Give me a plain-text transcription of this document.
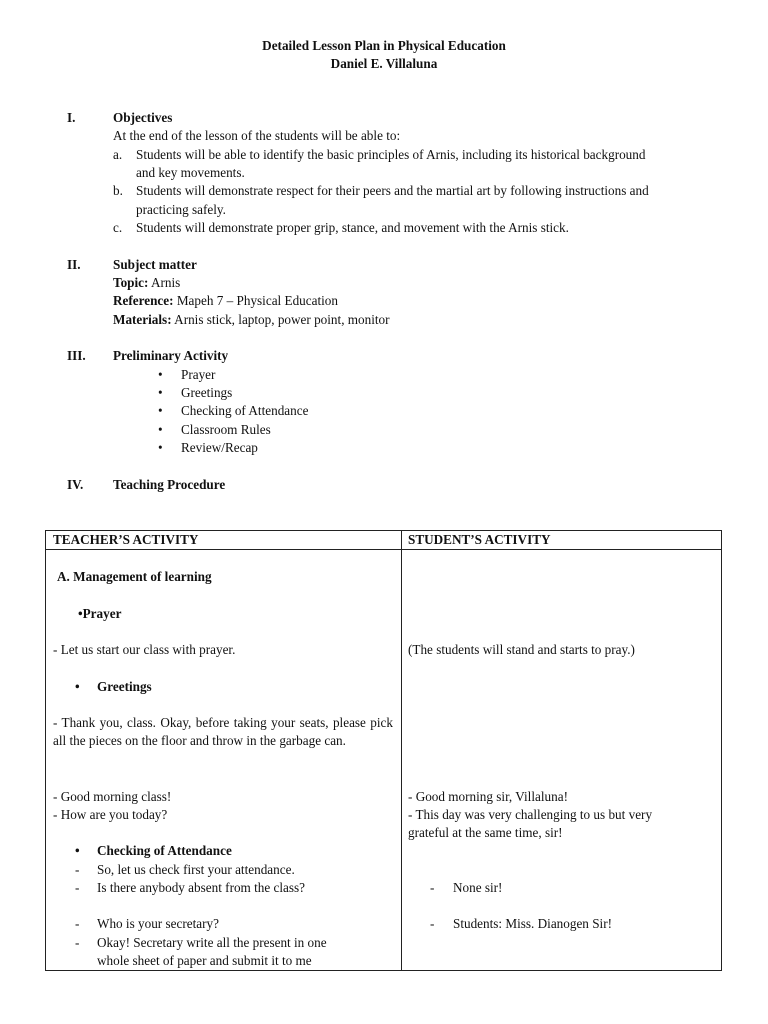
Detailed Lesson Plan in Physical Education
Daniel E. Villaluna
I.	Objectives
At the end of the lesson of the students will be able to:
a. Students will be able to identify the basic principles of Arnis, including its historical background
and key movements.
b. Students will demonstrate respect for their peers and the martial art by following instructions and
practicing safely.
c. Students will demonstrate proper grip, stance, and movement with the Arnis stick.
II. Subject matter
Topic: Arnis
Reference: Mapeh 7 – Physical Education
Materials: Arnis stick, laptop, power point, monitor
III. Preliminary Activity
• Prayer
• Greetings
• Checking of Attendance
• Classroom Rules
• Review/Recap
IV. Teaching Procedure
TEACHER’S ACTIVITY	STUDENT’S ACTIVITY
A. Management of learning
•Prayer
- Let us start our class with prayer.
• Greetings
- Thank you, class. Okay, before taking your seats, please pick all the pieces on the floor and throw in the garbage can.
- Good morning class!
- How are you today?
• Checking of Attendance
- So, let us check first your attendance.
- Is there anybody absent from the class?
- Who is your secretary?
- Okay! Secretary write all the present in one
whole sheet of paper and submit it to me
(The students will stand and starts to pray.)
- Good morning sir, Villaluna!
- This day was very challenging to us but very
grateful at the same time, sir!
- None sir!
- Students: Miss. Dianogen Sir!
